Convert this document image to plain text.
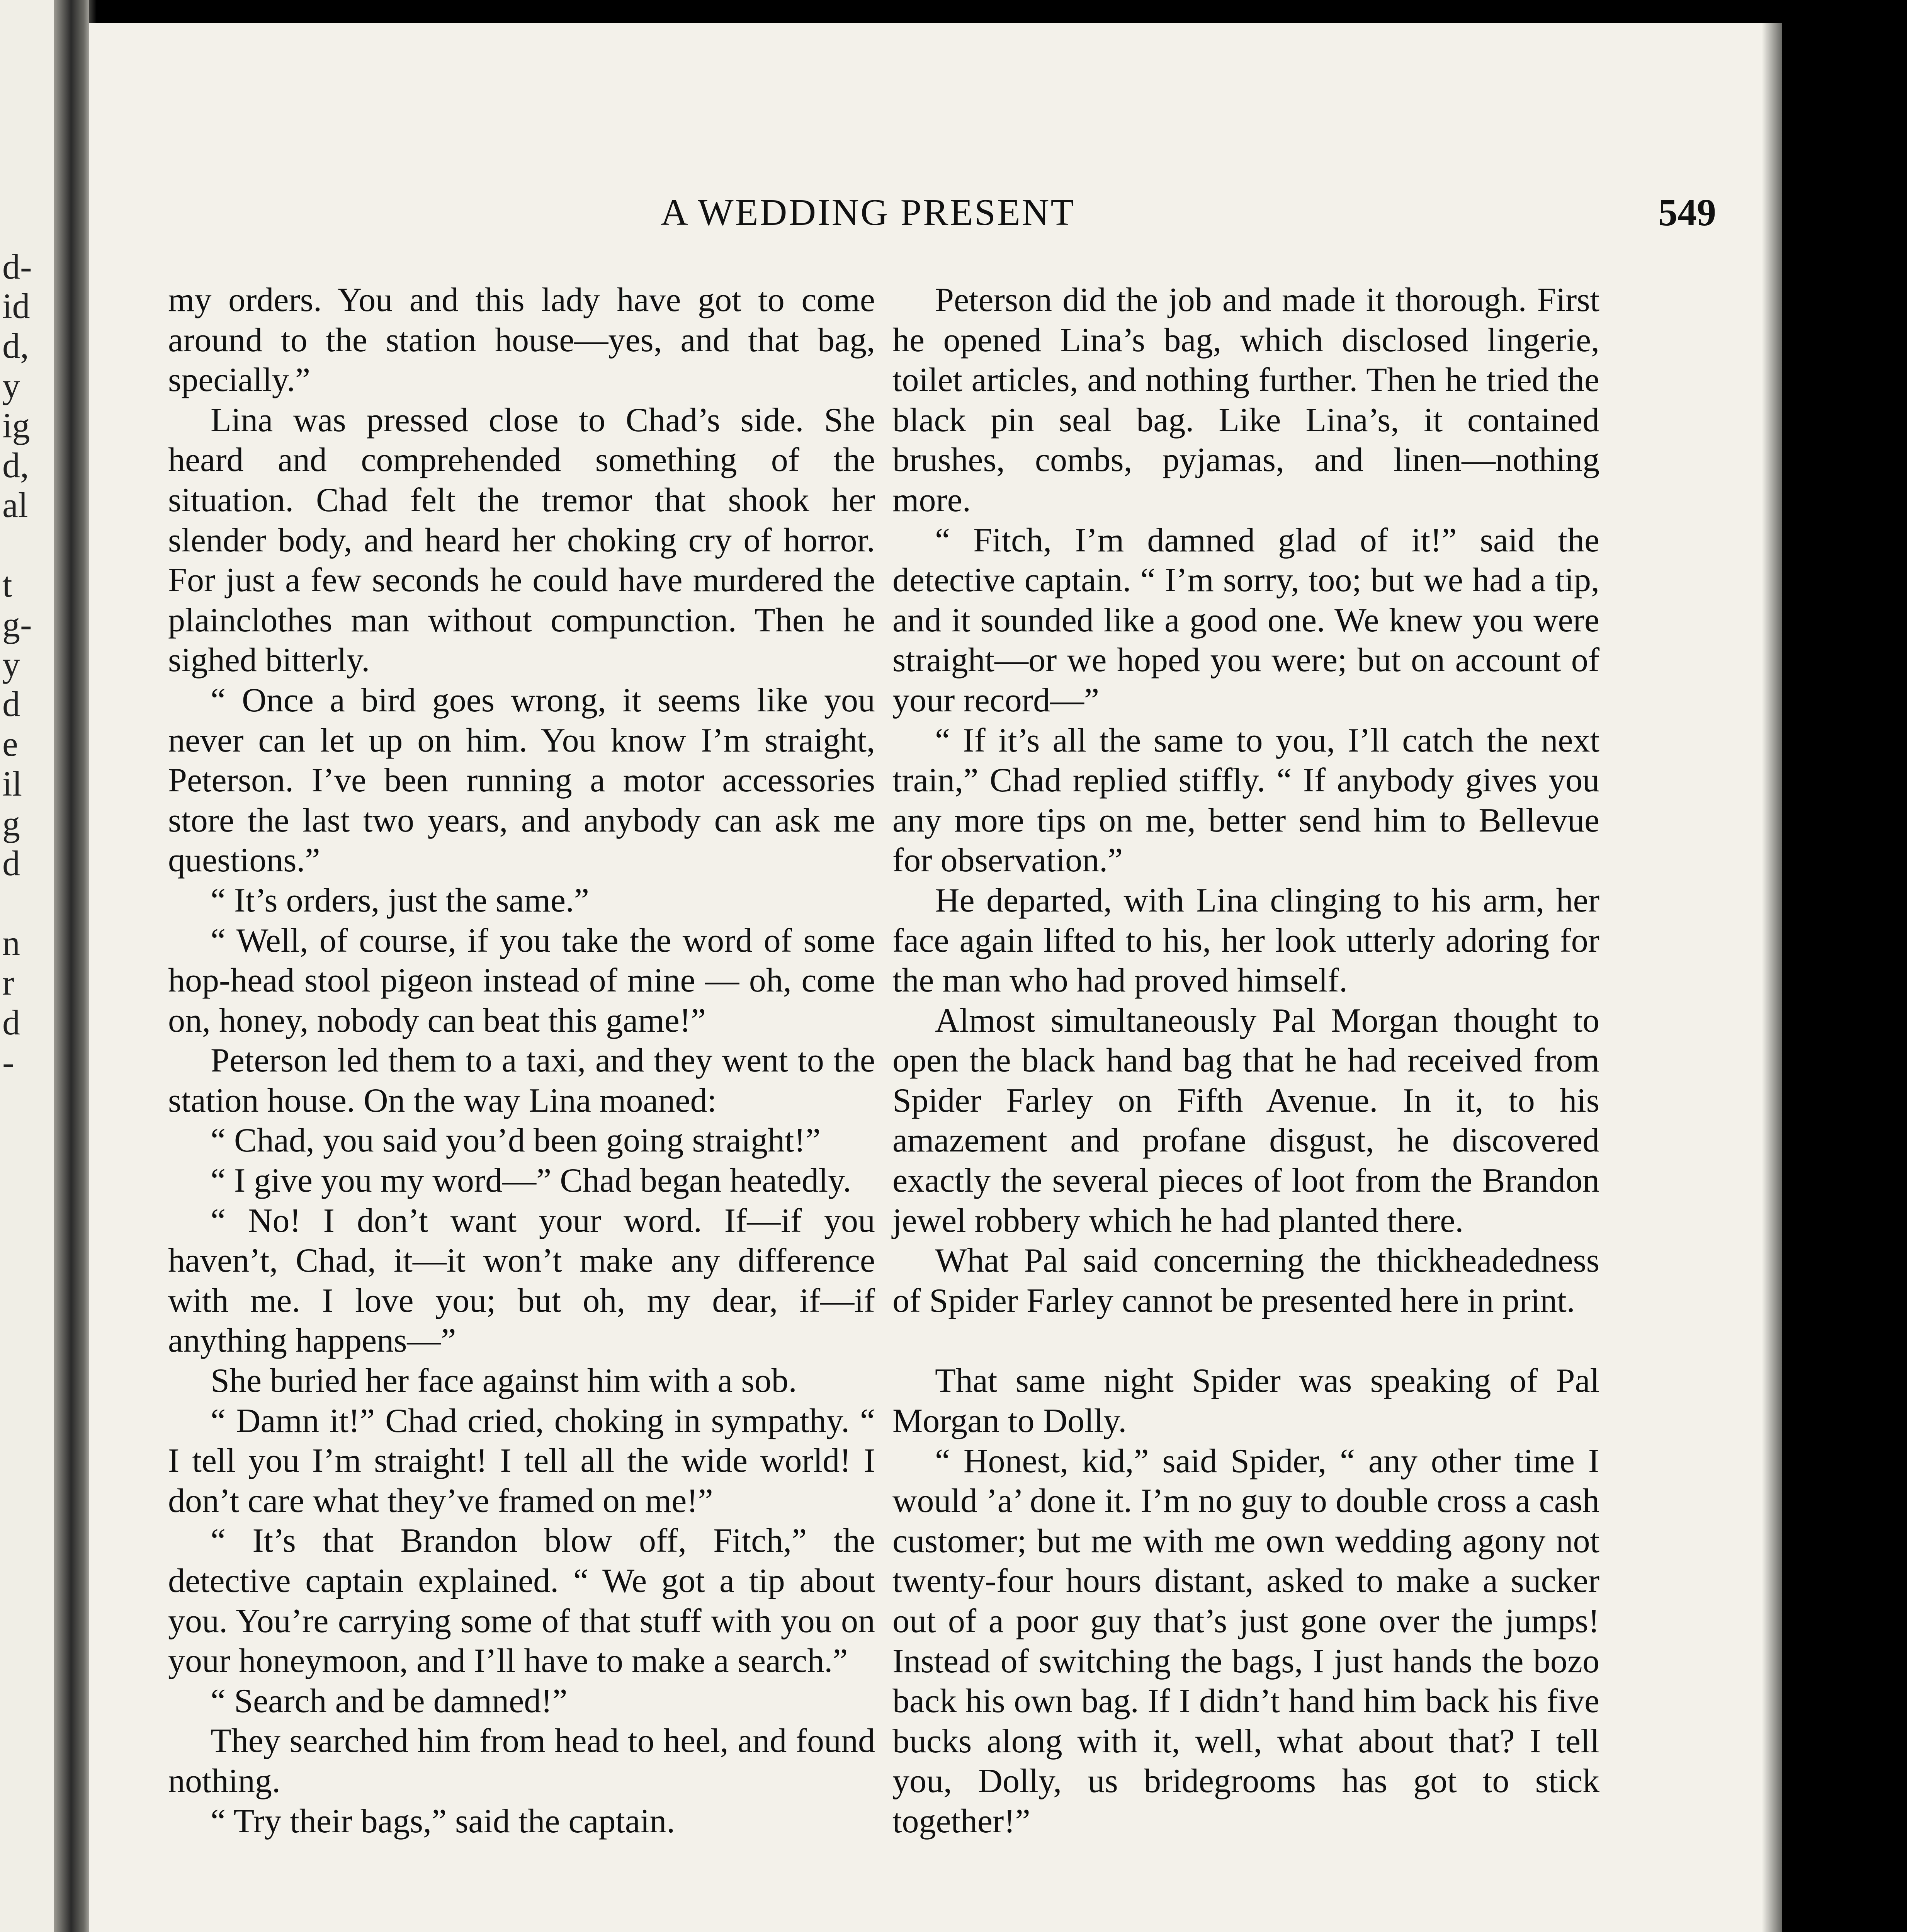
d-
id
d,
y
ig
d,
al
t
g-
y
d
e
il
g
d
n
r
d
-
A WEDDING PRESENT	549

my orders. You and this lady have got to come around to the station house—yes, and that bag, specially.”

Lina was pressed close to Chad’s side. She heard and comprehended something of the situation. Chad felt the tremor that shook her slender body, and heard her choking cry of horror. For just a few seconds he could have murdered the plainclothes man without compunction. Then he sighed bitterly.

“ Once a bird goes wrong, it seems like you never can let up on him. You know I’m straight, Peterson. I’ve been running a motor accessories store the last two years, and anybody can ask me questions.”

“ It’s orders, just the same.”

“ Well, of course, if you take the word of some hop-head stool pigeon instead of mine — oh, come on, honey, nobody can beat this game!”

Peterson led them to a taxi, and they went to the station house. On the way Lina moaned:

“ Chad, you said you’d been going straight!”

“ I give you my word—” Chad began heatedly.

“ No! I don’t want your word. If—if you haven’t, Chad, it—it won’t make any difference with me. I love you; but oh, my dear, if—if anything happens—”

She buried her face against him with a sob.

“ Damn it!” Chad cried, choking in sympathy. “ I tell you I’m straight! I tell all the wide world! I don’t care what they’ve framed on me!”

“ It’s that Brandon blow off, Fitch,” the detective captain explained. “ We got a tip about you. You’re carrying some of that stuff with you on your honeymoon, and I’ll have to make a search.”

“ Search and be damned!”

They searched him from head to heel, and found nothing.

“ Try their bags,” said the captain.

Peterson did the job and made it thorough. First he opened Lina’s bag, which disclosed lingerie, toilet articles, and nothing further. Then he tried the black pin seal bag. Like Lina’s, it contained brushes, combs, pyjamas, and linen—nothing more.

“ Fitch, I’m damned glad of it!” said the detective captain. “ I’m sorry, too; but we had a tip, and it sounded like a good one. We knew you were straight—or we hoped you were; but on account of your record—”

“ If it’s all the same to you, I’ll catch the next train,” Chad replied stiffly. “ If anybody gives you any more tips on me, better send him to Bellevue for observation.”

He departed, with Lina clinging to his arm, her face again lifted to his, her look utterly adoring for the man who had proved himself.

Almost simultaneously Pal Morgan thought to open the black hand bag that he had received from Spider Farley on Fifth Avenue. In it, to his amazement and profane disgust, he discovered exactly the several pieces of loot from the Brandon jewel robbery which he had planted there.

What Pal said concerning the thickheadedness of Spider Farley cannot be presented here in print.

That same night Spider was speaking of Pal Morgan to Dolly.

“ Honest, kid,” said Spider, “ any other time I would ’a’ done it. I’m no guy to double cross a cash customer; but me with me own wedding agony not twenty-four hours distant, asked to make a sucker out of a poor guy that’s just gone over the jumps! Instead of switching the bags, I just hands the bozo back his own bag. If I didn’t hand him back his five bucks along with it, well, what about that? I tell you, Dolly, us bridegrooms has got to stick together!”
